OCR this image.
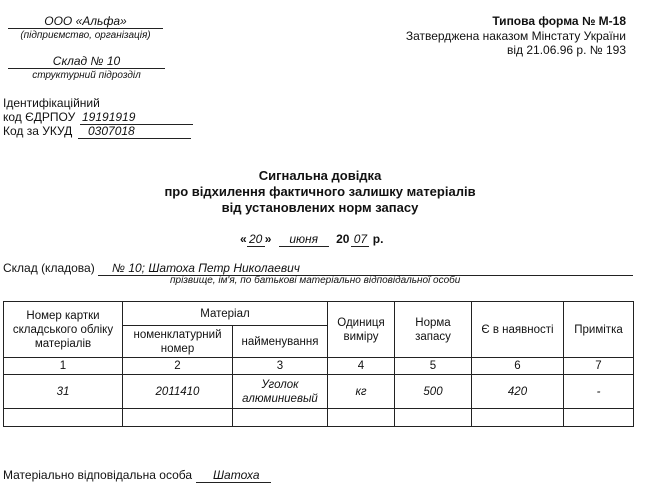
ООО «Альфа»
(підприємство, організація)
Склад № 10
структурний підрозділ
Ідентифікаційний
код ЄДРПОУ 19191919
Код за УКУД	0307018
Типова форма № М-18
Затверджена наказом Мінстату України
від 21.06.96 р. № 193
Сигнальна довідка
про відхилення фактичного залишку матеріалів
від установлених норм запасу
« 20 » июня 20 07 р.
Склад (кладова)	№ 10; Шатоха Петр Николаевич
прізвище, ім'я, по батькові матеріально відповідальної особи
Номер картки складського обліку матеріалів	Матеріал		Одиниця виміру	Норма запасу	Є в наявності	Примітка
	номенклатурний номер	найменування				
1	2	3	4	5	6	7
31	2011410	Уголок алюминиевый	кг	500	420	-

Матеріально відповідальна особа	Шатоха
